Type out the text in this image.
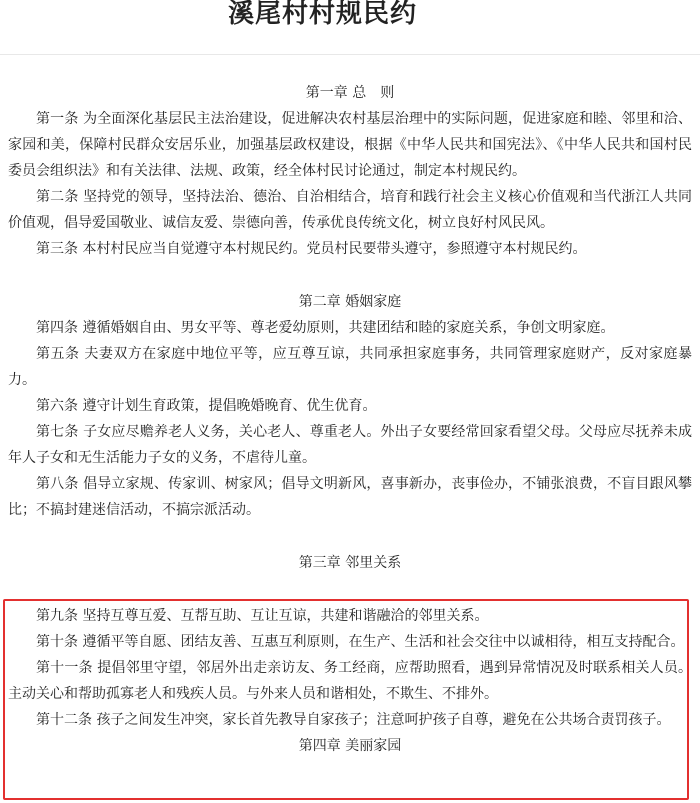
溪尾村村规民约

第一章 总　则

第一条 为全面深化基层民主法治建设，促进解决农村基层治理中的实际问题，促进家庭和睦、邻里和洽、家园和美，保障村民群众安居乐业，加强基层政权建设，根据《中华人民共和国宪法》、《中华人民共和国村民委员会组织法》和有关法律、法规、政策，经全体村民讨论通过，制定本村规民约。

第二条 坚持党的领导，坚持法治、德治、自治相结合，培育和践行社会主义核心价值观和当代浙江人共同价值观，倡导爱国敬业、诚信友爱、崇德向善，传承优良传统文化，树立良好村风民风。

第三条 本村村民应当自觉遵守本村规民约。党员村民要带头遵守，参照遵守本村规民约。

第二章 婚姻家庭

第四条 遵循婚姻自由、男女平等、尊老爱幼原则，共建团结和睦的家庭关系，争创文明家庭。

第五条 夫妻双方在家庭中地位平等，应互尊互谅，共同承担家庭事务，共同管理家庭财产，反对家庭暴力。

第六条 遵守计划生育政策，提倡晚婚晚育、优生优育。

第七条 子女应尽赡养老人义务，关心老人、尊重老人。外出子女要经常回家看望父母。父母应尽抚养未成年人子女和无生活能力子女的义务，不虐待儿童。

第八条 倡导立家规、传家训、树家风；倡导文明新风，喜事新办，丧事俭办，不铺张浪费，不盲目跟风攀比；不搞封建迷信活动，不搞宗派活动。

第三章 邻里关系

第九条 坚持互尊互爱、互帮互助、互让互谅，共建和谐融洽的邻里关系。

第十条 遵循平等自愿、团结友善、互惠互利原则，在生产、生活和社会交往中以诚相待，相互支持配合。

第十一条 提倡邻里守望，邻居外出走亲访友、务工经商，应帮助照看，遇到异常情况及时联系相关人员。主动关心和帮助孤寡老人和残疾人员。与外来人员和谐相处，不欺生、不排外。

第十二条 孩子之间发生冲突，家长首先教导自家孩子；注意呵护孩子自尊，避免在公共场合责罚孩子。

第四章 美丽家园
